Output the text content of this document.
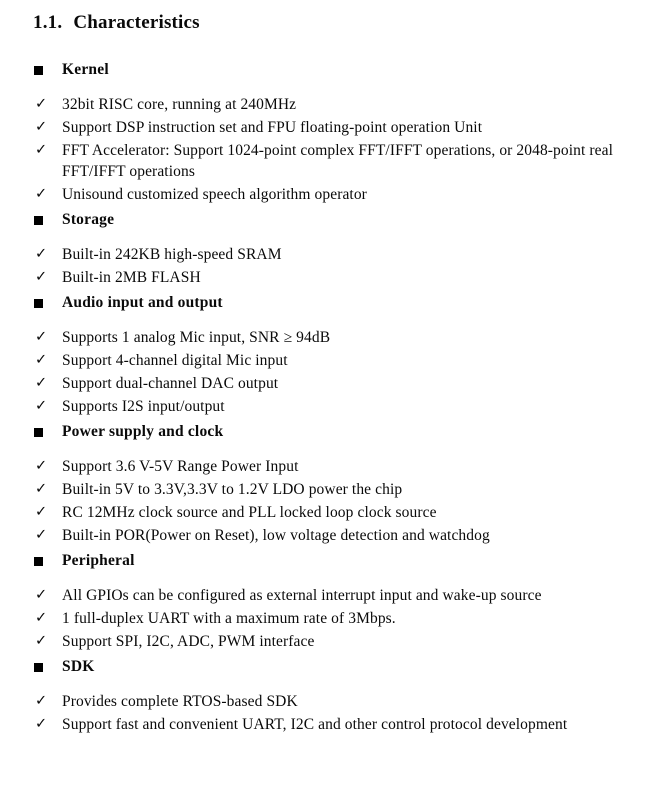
1.1. Characteristics
Kernel
✓ 32bit RISC core, running at 240MHz
✓ Support DSP instruction set and FPU floating-point operation Unit
✓ FFT Accelerator: Support 1024-point complex FFT/IFFT operations, or 2048-point real FFT/IFFT operations
✓ Unisound customized speech algorithm operator
Storage
✓ Built-in 242KB high-speed SRAM
✓ Built-in 2MB FLASH
Audio input and output
✓ Supports 1 analog Mic input, SNR ≥ 94dB
✓ Support 4-channel digital Mic input
✓ Support dual-channel DAC output
✓ Supports I2S input/output
Power supply and clock
✓ Support 3.6 V-5V Range Power Input
✓ Built-in 5V to 3.3V,3.3V to 1.2V LDO power the chip
✓ RC 12MHz clock source and PLL locked loop clock source
✓ Built-in POR(Power on Reset), low voltage detection and watchdog
Peripheral
✓ All GPIOs can be configured as external interrupt input and wake-up source
✓ 1 full-duplex UART with a maximum rate of 3Mbps.
✓ Support SPI, I2C, ADC, PWM interface
SDK
✓ Provides complete RTOS-based SDK
✓ Support fast and convenient UART, I2C and other control protocol development
